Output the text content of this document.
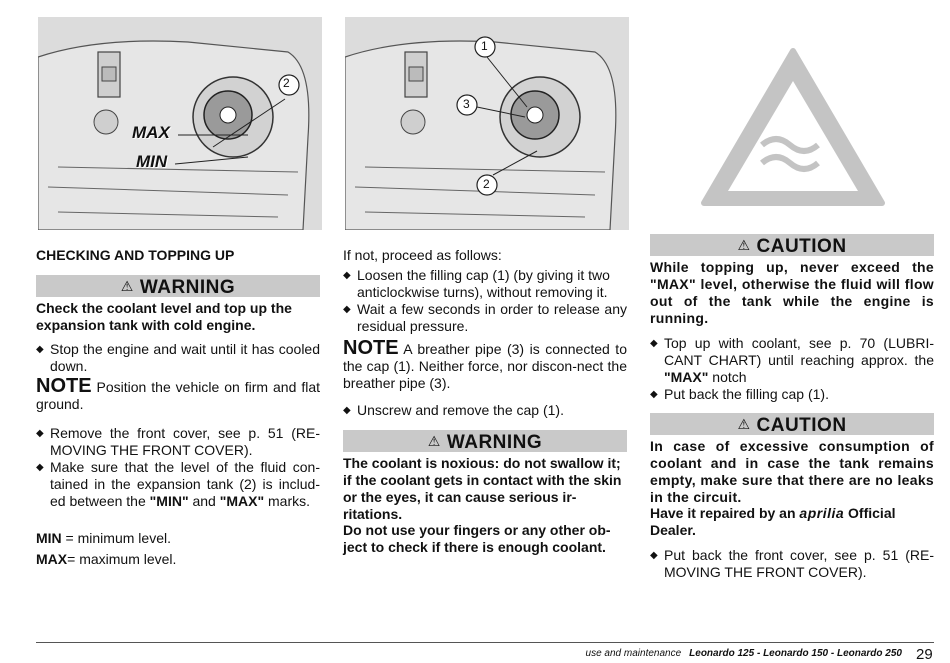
2
MAX
MIN
1
3
2
CHECKING AND TOPPING UP
⚠ WARNING
Check the coolant level and top up the expansion tank with cold engine.
◆ Stop the engine and wait until it has cooled down.
NOTE Position the vehicle on firm and flat ground.
◆ Remove the front cover, see p. 51 (RE-MOVING THE FRONT COVER).
◆ Make sure that the level of the fluid con-tained in the expansion tank (2) is includ-ed between the "MIN" and "MAX" marks.
MIN = minimum level.
MAX= maximum level.
If not, proceed as follows:
◆ Loosen the filling cap (1) (by giving it two anticlockwise turns), without removing it.
◆ Wait a few seconds in order to release any residual pressure.
NOTE A breather pipe (3) is connected to the cap (1). Neither force, nor discon-nect the breather pipe (3).
◆ Unscrew and remove the cap (1).
⚠ WARNING
The coolant is noxious: do not swallow it; if the coolant gets in contact with the skin or the eyes, it can cause serious ir-ritations.
Do not use your fingers or any other ob-ject to check if there is enough coolant.
⚠ CAUTION
While topping up, never exceed the "MAX" level, otherwise the fluid will flow out of the tank while the engine is running.
◆ Top up with coolant, see p. 70 (LUBRI-CANT CHART) until reaching approx. the "MAX" notch
◆ Put back the filling cap (1).
⚠ CAUTION
In case of excessive consumption of coolant and in case the tank remains empty, make sure that there are no leaks in the circuit.
Have it repaired by an aprilia Official Dealer.
◆ Put back the front cover, see p. 51 (RE-MOVING THE FRONT COVER).
use and maintenance Leonardo 125 - Leonardo 150 - Leonardo 250 29
